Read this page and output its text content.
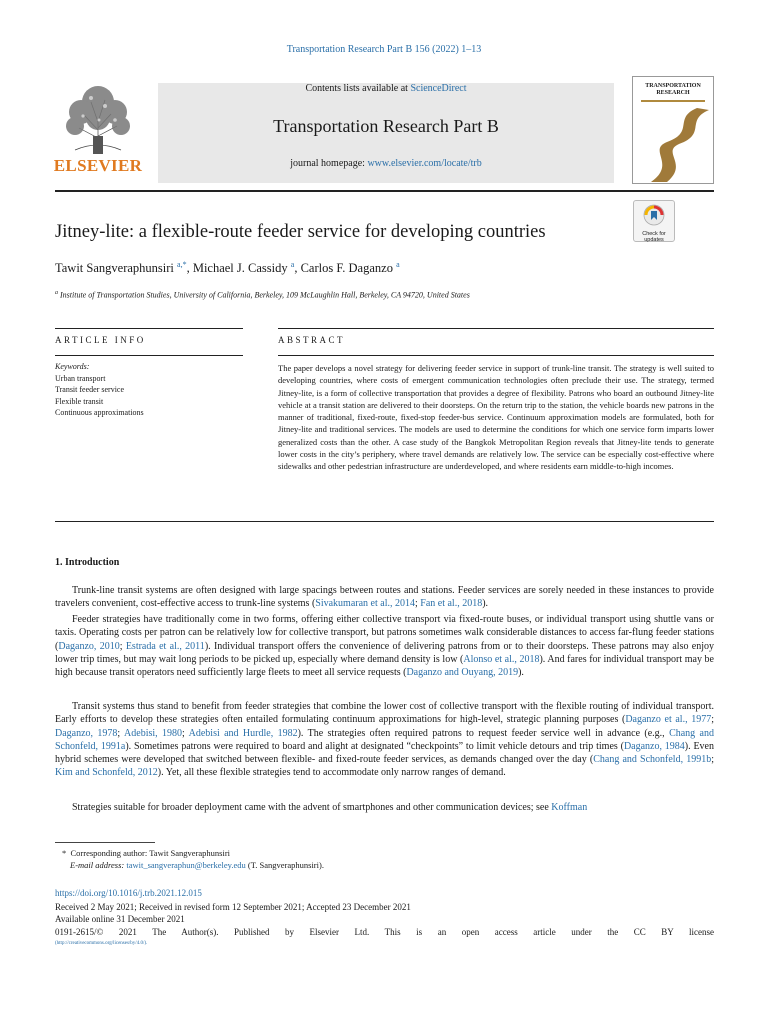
Transportation Research Part B 156 (2022) 1–13
ELSEVIER
Contents lists available at ScienceDirect
Transportation Research Part B
journal homepage: www.elsevier.com/locate/trb
TRANSPORTATION RESEARCH
Jitney-lite: a flexible-route feeder service for developing countries	Check for updates
Tawit Sangveraphunsiri $^{a,*}$, Michael J. Cassidy $^a$, Carlos F. Daganzo $^a$
$^a$ Institute of Transportation Studies, University of California, Berkeley, 109 McLaughlin Hall, Berkeley, CA 94720, United States
ARTICLE INFO
Keywords:
Urban transport
Transit feeder service
Flexible transit
Continuous approximations
ABSTRACT
The paper develops a novel strategy for delivering feeder service in support of trunk-line transit. The strategy is well suited to developing countries, where costs of emergent communication technologies often preclude their use. The strategy, termed Jitney-lite, is a form of collective transportation that provides a degree of flexibility. Patrons who board an outbound Jitney-lite vehicle at a transit station are delivered to their doorsteps. On the return trip to the station, the vehicle boards new patrons in the manner of traditional, fixed-route, fixed-stop feeder-bus service. Continuum approximation models are formulated, both for Jitney-lite and traditional services. The models are used to determine the conditions for which one service form imparts lower generalized costs than the other. A case study of the Bangkok Metropolitan Region reveals that Jitney-lite tends to generate lower costs in the city’s periphery, where travel demands are relatively low. The service can be especially cost-effective where sidewalks and other pedestrian infrastructure are underdeveloped, and where residents earn middle-to-high incomes.
1. Introduction

Trunk-line transit systems are often designed with large spacings between routes and stations. Feeder services are sorely needed in these instances to provide travelers convenient, cost-effective access to trunk-line systems (Sivakumaran et al., 2014; Fan et al., 2018).

Feeder strategies have traditionally come in two forms, offering either collective transport via fixed-route buses, or individual transport using shuttle vans or taxis. Operating costs per patron can be relatively low for collective transport, but patrons sometimes walk considerable distances to access far-flung feeder stations (Daganzo, 2010; Estrada et al., 2011). Individual transport offers the convenience of delivering patrons from or to their doorsteps. These patrons may also enjoy lower trip times, but may wait long periods to be picked up, especially where demand density is low (Alonso et al., 2018). And fares for individual transport may be high because transit operators need sufficiently large fleets to meet all service requests (Daganzo and Ouyang, 2019).

Transit systems thus stand to benefit from feeder strategies that combine the lower cost of collective transport with the flexible routing of individual transport. Early efforts to develop these strategies often entailed formulating continuum approximations for high-level, strategic planning purposes (Daganzo et al., 1977; Daganzo, 1978; Adebisi, 1980; Adebisi and Hurdle, 1982). The strategies often required patrons to request feeder service well in advance (e.g., Chang and Schonfeld, 1991a). Sometimes patrons were required to board and alight at designated “checkpoints” to limit vehicle detours and trip times (Daganzo, 1984). Even hybrid schemes were developed that switched between flexible- and fixed-route feeder services, as demands changed over the day (Chang and Schonfeld, 1991b; Kim and Schonfeld, 2012). Yet, all these flexible strategies tend to accommodate only narrow ranges of demand.

Strategies suitable for broader deployment came with the advent of smartphones and other communication devices; see Koffman

* Corresponding author: Tawit Sangveraphunsiri
E-mail address: tawit_sangveraphun@berkeley.edu (T. Sangveraphunsiri).
https://doi.org/10.1016/j.trb.2021.12.015
Received 2 May 2021; Received in revised form 12 September 2021; Accepted 23 December 2021
Available online 31 December 2021
0191-2615/© 2021 The Author(s). Published by Elsevier Ltd. This is an open access article under the CC BY license
(http://creativecommons.org/licenses/by/4.0/).
